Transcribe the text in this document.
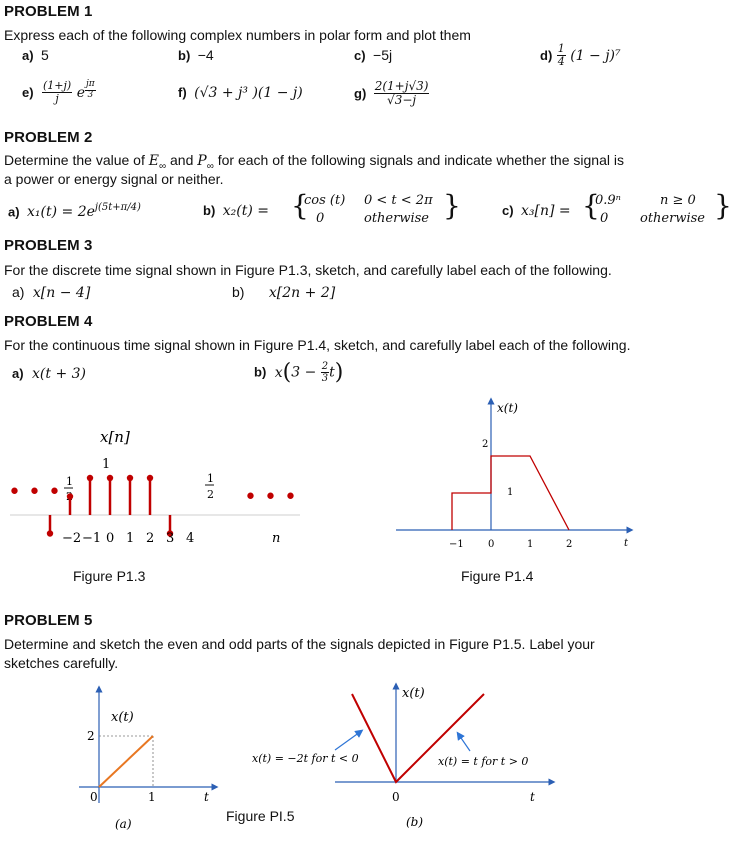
PROBLEM 1
Express each of the following complex numbers in polar form and plot them
a) 5	b) −4	c) −5j	$d) \frac{1}{4} (1 - j)^7$
$e) \frac{(1+j)}{j}$ e $\frac{j\pi}{3}$	f) (√3 + j³ )(1 − j)	$g) \frac{2(1+j√3)}{√3-j}$
PROBLEM 2
Determine the value of $E_\infty$ and $P_\infty$ for each of the following signals and indicate whether the signal is
a power or energy signal or neither.
a) $x_1(t) = 2e^{j(5t+\pi/4)}$	b) x₂(t) = {
cos (t)
0
0 < t < 2π
otherwise }	c) x₃[n] = {
0.9ⁿ
0
n ≥ 0
otherwise }
PROBLEM 3
For the discrete time signal shown in Figure P1.3, sketch, and carefully label each of the following.
a) x[n − 4]	b) x[2n + 2]
PROBLEM 4
For the continuous time signal shown in Figure P1.4, sketch, and carefully label each of the following.
a) x(t + 3)	b) $x(3 - \frac{2}{3} t)$
x[n]
1
• • •	• • •
1	1
2
−2 −1 0 1 2 3 4	n
Figure P1.3
x(t)
2
1
−1 0	1	2	t
Figure P1.4
PROBLEM 5
Determine and sketch the even and odd parts of the signals depicted in Figure P1.5. Label your
sketches carefully.
x(t)
2
0	1	t
(a)
x(t)
x(t) = −2t for t < 0	x(t) = t for t > 0
0	t
(b)
Figure PI.5
